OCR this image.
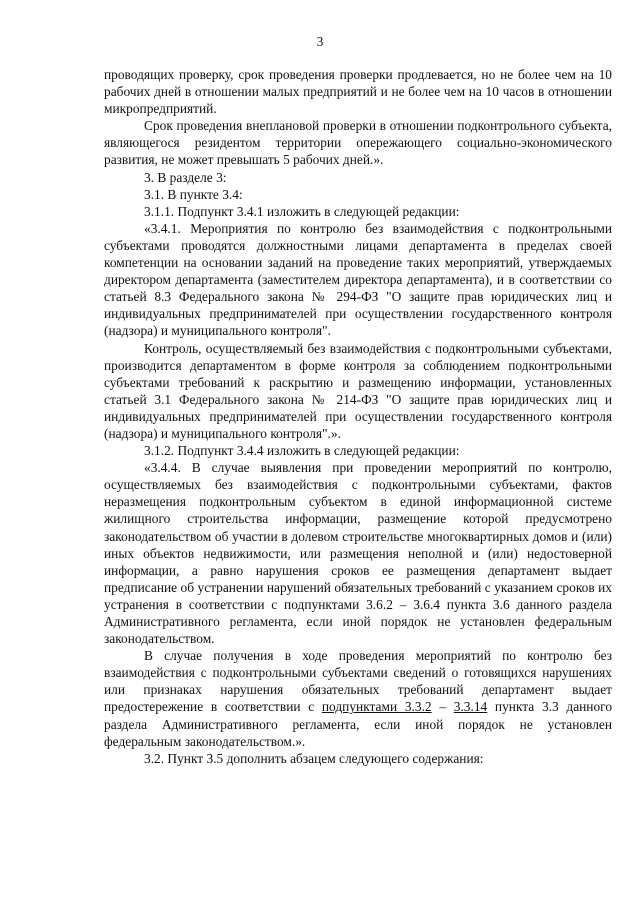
3

проводящих проверку, срок проведения проверки продлевается, но не более чем на 10 рабочих дней в отношении малых предприятий и не более чем на 10 часов в отношении микропредприятий.

Срок проведения внеплановой проверки в отношении подконтрольного субъекта, являющегося резидентом территории опережающего социально-экономического развития, не может превышать 5 рабочих дней.».

3. В разделе 3:

3.1. В пункте 3.4:

3.1.1. Подпункт 3.4.1 изложить в следующей редакции:

«3.4.1. Мероприятия по контролю без взаимодействия с подконтрольными субъектами проводятся должностными лицами департамента в пределах своей компетенции на основании заданий на проведение таких мероприятий, утверждаемых директором департамента (заместителем директора департамента), и в соответствии со статьей 8.3 Федерального закона № 294-ФЗ "О защите прав юридических лиц и индивидуальных предпринимателей при осуществлении государственного контроля (надзора) и муниципального контроля".

Контроль, осуществляемый без взаимодействия с подконтрольными субъектами, производится департаментом в форме контроля за соблюдением подконтрольными субъектами требований к раскрытию и размещению информации, установленных статьей 3.1 Федерального закона № 214-ФЗ "О защите прав юридических лиц и индивидуальных предпринимателей при осуществлении государственного контроля (надзора) и муниципального контроля".».

3.1.2. Подпункт 3.4.4 изложить в следующей редакции:

«3.4.4. В случае выявления при проведении мероприятий по контролю, осуществляемых без взаимодействия с подконтрольными субъектами, фактов неразмещения подконтрольным субъектом в единой информационной системе жилищного строительства информации, размещение которой предусмотрено законодательством об участии в долевом строительстве многоквартирных домов и (или) иных объектов недвижимости, или размещения неполной и (или) недостоверной информации, а равно нарушения сроков ее размещения департамент выдает предписание об устранении нарушений обязательных требований с указанием сроков их устранения в соответствии с подпунктами 3.6.2 – 3.6.4 пункта 3.6 данного раздела Административного регламента, если иной порядок не установлен федеральным законодательством.

В случае получения в ходе проведения мероприятий по контролю без взаимодействия с подконтрольными субъектами сведений о готовящихся нарушениях или признаках нарушения обязательных требований департамент выдает предостережение в соответствии с подпунктами 3.3.2 – 3.3.14 пункта 3.3 данного раздела Административного регламента, если иной порядок не установлен федеральным законодательством.».

3.2. Пункт 3.5 дополнить абзацем следующего содержания:
